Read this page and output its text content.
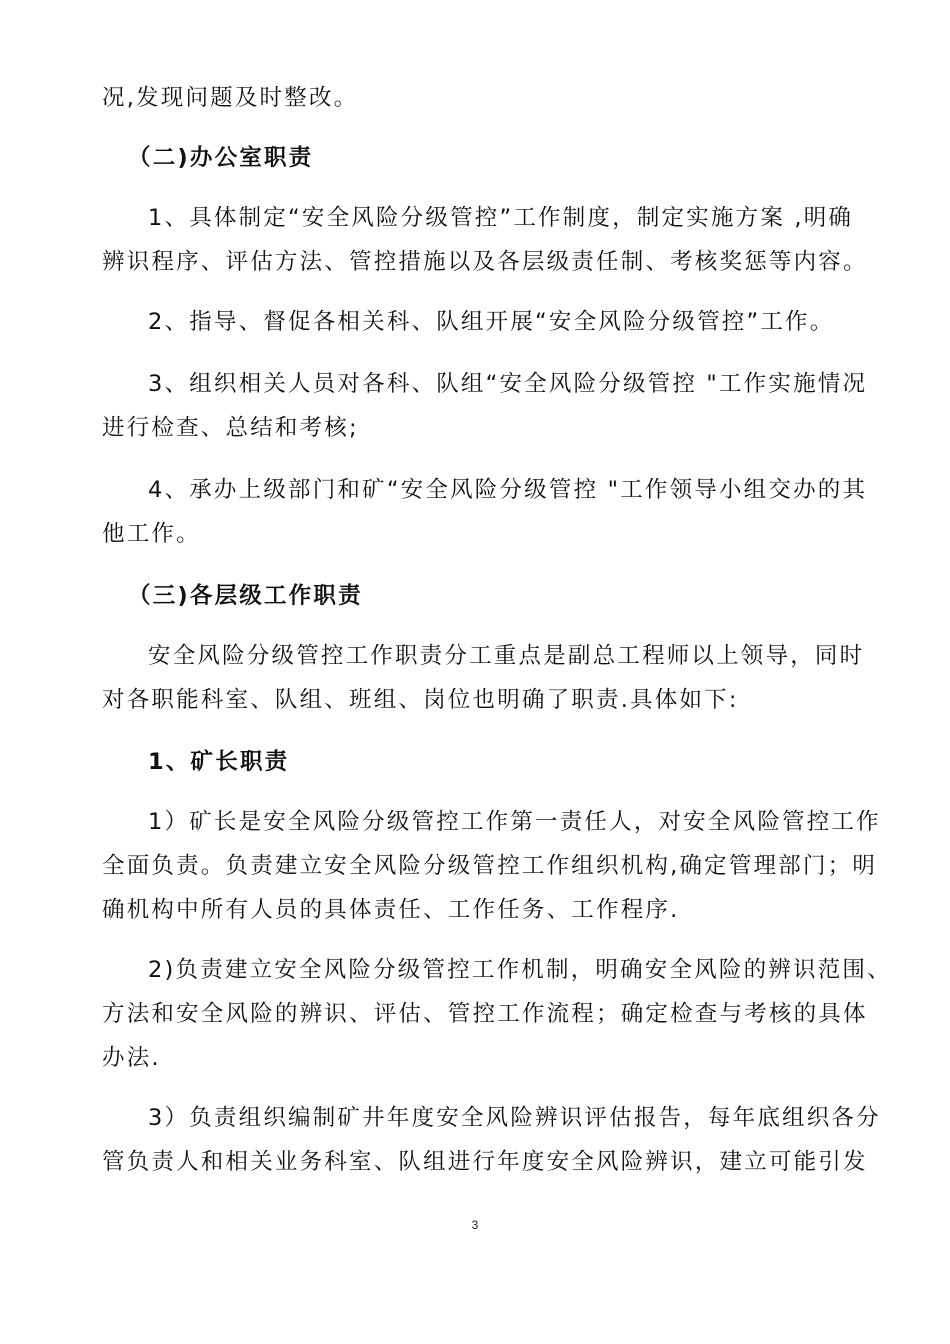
况,发现问题及时整改。
（二)办公室职责
1、具体制定“安全风险分级管控”工作制度，制定实施方案 ,明确
辨识程序、评估方法、管控措施以及各层级责任制、考核奖惩等内容。
2、指导、督促各相关科、队组开展“安全风险分级管控”工作。
3、组织相关人员对各科、队组“安全风险分级管控 "工作实施情况
进行检查、总结和考核;
4、承办上级部门和矿“安全风险分级管控 "工作领导小组交办的其
他工作。
（三)各层级工作职责
安全风险分级管控工作职责分工重点是副总工程师以上领导，同时
对各职能科室、队组、班组、岗位也明确了职责.具体如下:
1、矿长职责
1）矿长是安全风险分级管控工作第一责任人，对安全风险管控工作
全面负责。负责建立安全风险分级管控工作组织机构,确定管理部门；明
确机构中所有人员的具体责任、工作任务、工作程序.
2)负责建立安全风险分级管控工作机制，明确安全风险的辨识范围、
方法和安全风险的辨识、评估、管控工作流程；确定检查与考核的具体
办法.
3）负责组织编制矿井年度安全风险辨识评估报告，每年底组织各分
管负责人和相关业务科室、队组进行年度安全风险辨识，建立可能引发
3
